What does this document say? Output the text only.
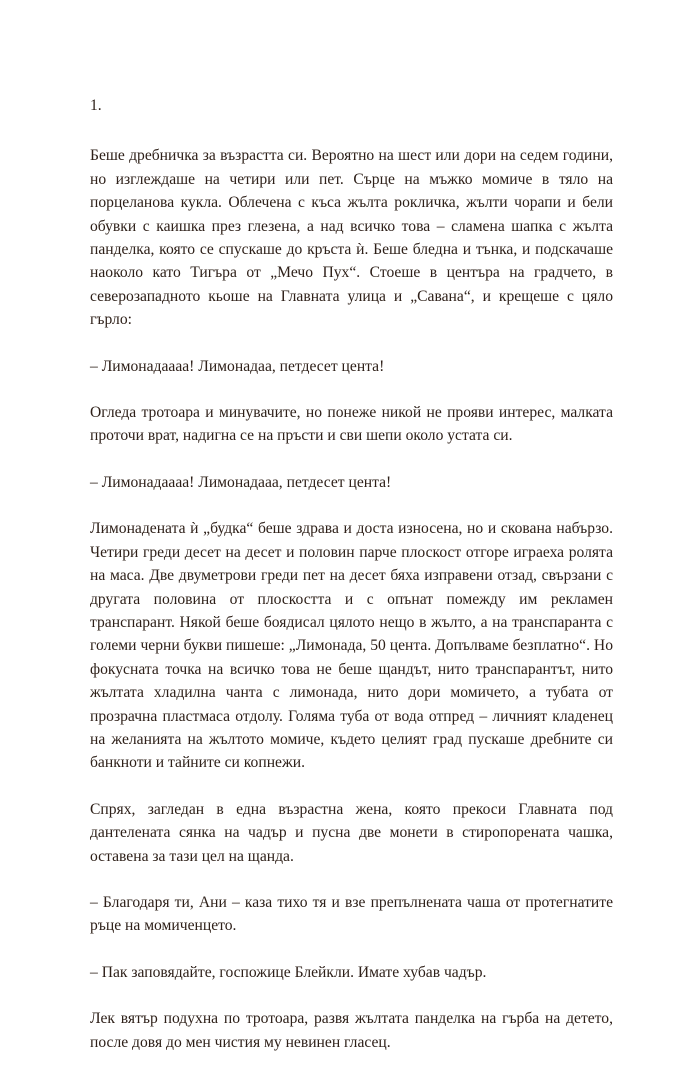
1.

Беше дребничка за възрастта си. Вероятно на шест или дори на седем години, но изглеждаше на четири или пет. Сърце на мъжко момиче в тяло на порцеланова кукла. Облечена с къса жълта рокличка, жълти чорапи и бели обувки с каишка през глезена, а над всичко това – сламена шапка с жълта панделка, която се спускаше до кръста ѝ. Беше бледна и тънка, и подскачаше наоколо като Тигъра от „Мечо Пух“. Стоеше в центъра на градчето, в северозападното кьоше на Главната улица и „Савана“, и крещеше с цяло гърло:

– Лимонадаааа! Лимонадаа, петдесет цента!

Огледа тротоара и минувачите, но понеже никой не прояви интерес, малката проточи врат, надигна се на пръсти и сви шепи около устата си.

– Лимонадаааа! Лимонадааа, петдесет цента!

Лимонадената ѝ „будка“ беше здрава и доста износена, но и скована набързо. Четири греди десет на десет и половин парче плоскост отгоре играеха ролята на маса. Две двуметрови греди пет на десет бяха изправени отзад, свързани с другата половина от плоскостта и с опънат помежду им рекламен транспарант. Някой беше боядисал цялото нещо в жълто, а на транспаранта с големи черни букви пишеше: „Лимонада, 50 цента. Допълваме безплатно“. Но фокусната точка на всичко това не беше щандът, нито транспарантът, нито жълтата хладилна чанта с лимонада, нито дори момичето, а тубата от прозрачна пластмаса отдолу. Голяма туба от вода отпред – личният кладенец на желанията на жълтото момиче, където целият град пускаше дребните си банкноти и тайните си копнежи.

Спрях, загледан в една възрастна жена, която прекоси Главната под дантелената сянка на чадър и пусна две монети в стиропорената чашка, оставена за тази цел на щанда.

– Благодаря ти, Ани – каза тихо тя и взе препълнената чаша от протегнатите ръце на момиченцето.

– Пак заповядайте, госпожице Блейкли. Имате хубав чадър.

Лек вятър подухна по тротоара, развя жълтата панделка на гърба на детето, после довя до мен чистия му невинен гласец.
